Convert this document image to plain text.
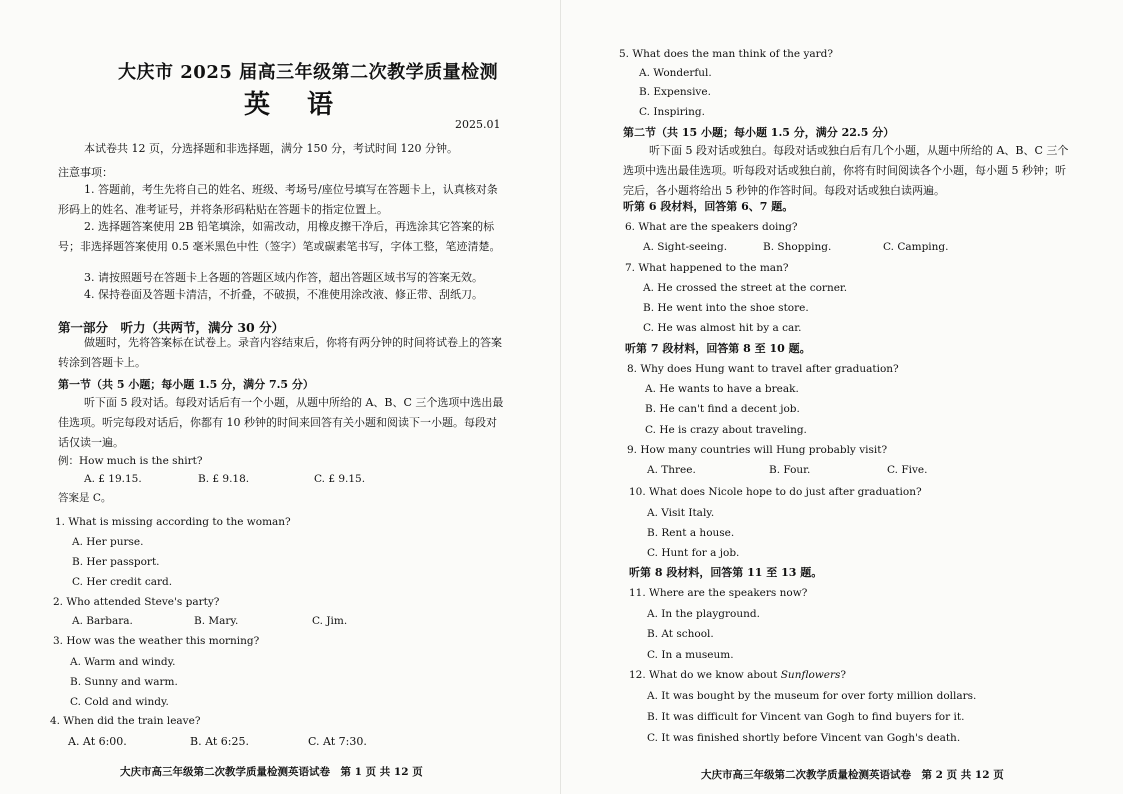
大庆市 2025 届高三年级第二次教学质量检测
英 语
2025.01
本试卷共 12 页，分选择题和非选择题，满分 150 分，考试时间 120 分钟。
注意事项：
1. 答题前，考生先将自己的姓名、班级、考场号/座位号填写在答题卡上，认真核对条形码上的姓名、准考证号，并将条形码粘贴在答题卡的指定位置上。
2. 选择题答案使用 2B 铅笔填涂，如需改动，用橡皮擦干净后，再选涂其它答案的标号；非选择题答案使用 0.5 毫米黑色中性（签字）笔或碳素笔书写，字体工整，笔迹清楚。
3. 请按照题号在答题卡上各题的答题区域内作答，超出答题区域书写的答案无效。
4. 保持卷面及答题卡清洁，不折叠，不破损，不准使用涂改液、修正带、刮纸刀。
第一部分　听力（共两节，满分 30 分）
做题时，先将答案标在试卷上。录音内容结束后，你将有两分钟的时间将试卷上的答案转涂到答题卡上。
第一节（共 5 小题；每小题 1.5 分，满分 7.5 分）
听下面 5 段对话。每段对话后有一个小题，从题中所给的 A、B、C 三个选项中选出最佳选项。听完每段对话后，你都有 10 秒钟的时间来回答有关小题和阅读下一小题。每段对话仅读一遍。
例：How much is the shirt?
A. £ 19.15.	B. £ 9.18.	C. £ 9.15.
答案是 C。
1. What is missing according to the woman?
A. Her purse.
B. Her passport.
C. Her credit card.
2. Who attended Steve's party?
A. Barbara.	B. Mary.	C. Jim.
3. How was the weather this morning?
A. Warm and windy.
B. Sunny and warm.
C. Cold and windy.
4. When did the train leave?
A. At 6:00.	B. At 6:25.	C. At 7:30.
大庆市高三年级第二次教学质量检测英语试卷　第 1 页 共 12 页
5. What does the man think of the yard?
A. Wonderful.
B. Expensive.
C. Inspiring.
第二节（共 15 小题；每小题 1.5 分，满分 22.5 分）
听下面 5 段对话或独白。每段对话或独白后有几个小题，从题中所给的 A、B、C 三个选项中选出最佳选项。听每段对话或独白前，你将有时间阅读各个小题，每小题 5 秒钟；听完后，各小题将给出 5 秒钟的作答时间。每段对话或独白读两遍。
听第 6 段材料，回答第 6、7 题。
6. What are the speakers doing?
A. Sight-seeing.	B. Shopping.	C. Camping.
7. What happened to the man?
A. He crossed the street at the corner.
B. He went into the shoe store.
C. He was almost hit by a car.
听第 7 段材料，回答第 8 至 10 题。
8. Why does Hung want to travel after graduation?
A. He wants to have a break.
B. He can't find a decent job.
C. He is crazy about traveling.
9. How many countries will Hung probably visit?
A. Three.	B. Four.	C. Five.
10. What does Nicole hope to do just after graduation?
A. Visit Italy.
B. Rent a house.
C. Hunt for a job.
听第 8 段材料，回答第 11 至 13 题。
11. Where are the speakers now?
A. In the playground.
B. At school.
C. In a museum.
12. What do we know about Sunflowers?
A. It was bought by the museum for over forty million dollars.
B. It was difficult for Vincent van Gogh to find buyers for it.
C. It was finished shortly before Vincent van Gogh's death.
大庆市高三年级第二次教学质量检测英语试卷　第 2 页 共 12 页
